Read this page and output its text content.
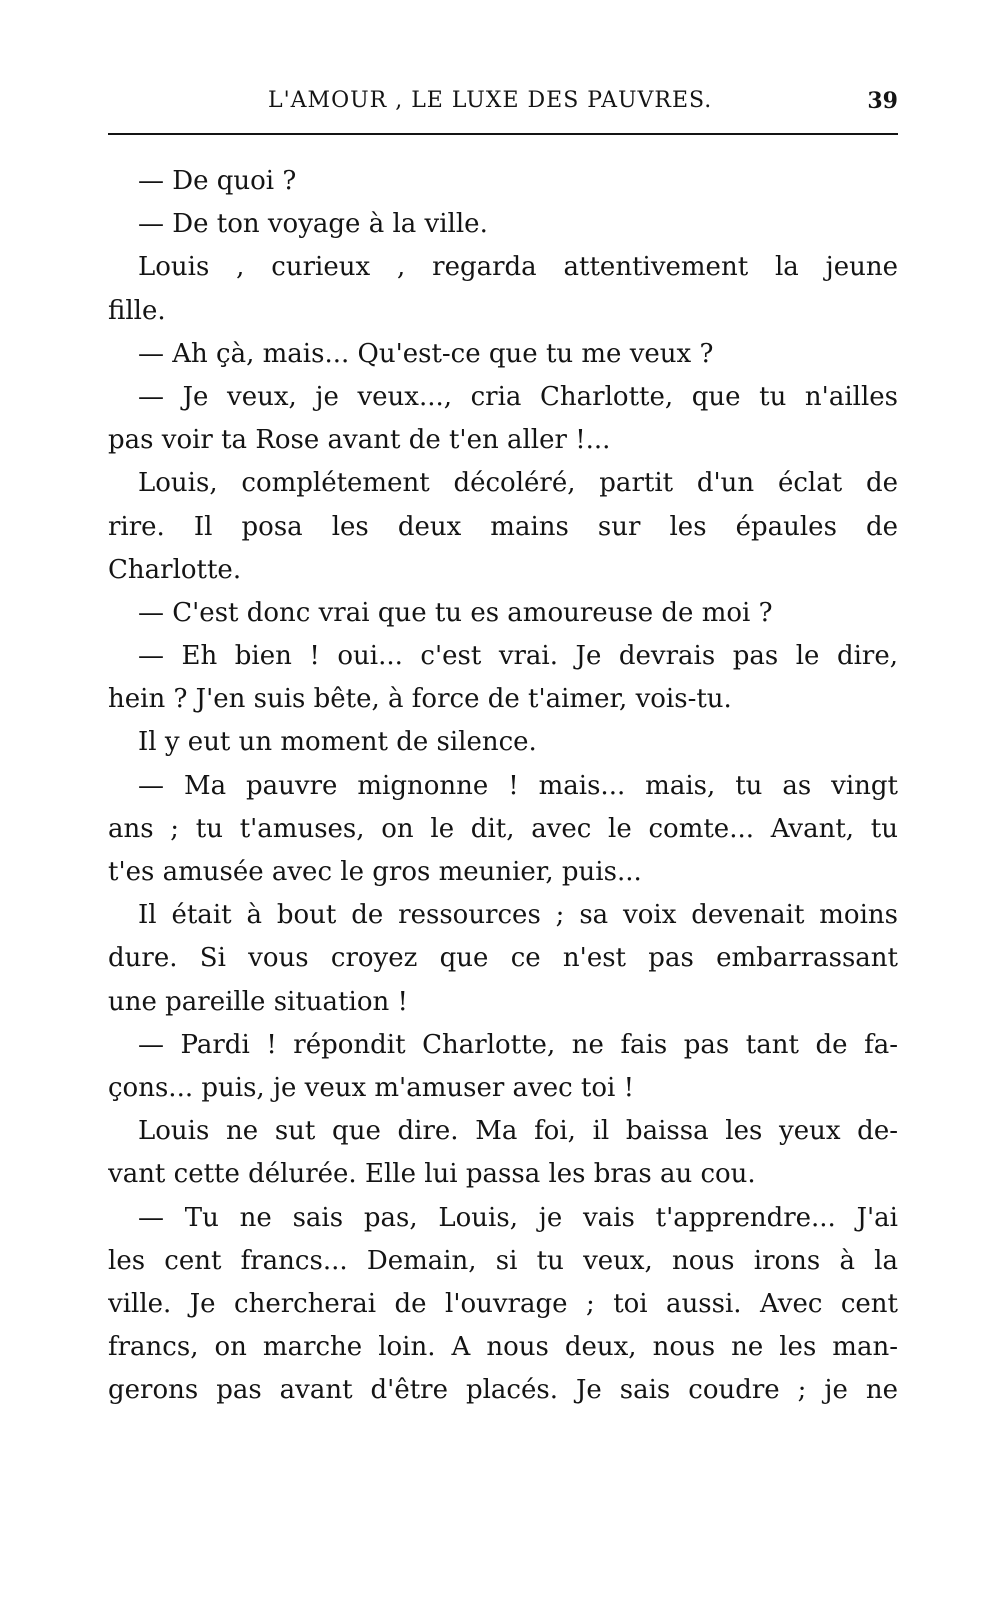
L'AMOUR , LE LUXE DES PAUVRES.	39
— De quoi ?
— De ton voyage à la ville.
Louis , curieux , regarda attentivement la jeune
fille.
— Ah çà, mais... Qu'est-ce que tu me veux ?
— Je veux, je veux..., cria Charlotte, que tu n'ailles
pas voir ta Rose avant de t'en aller !...
Louis, complétement décoléré, partit d'un éclat de
rire. Il posa les deux mains sur les épaules de
Charlotte.
— C'est donc vrai que tu es amoureuse de moi ?
— Eh bien ! oui... c'est vrai. Je devrais pas le dire,
hein ? J'en suis bête, à force de t'aimer, vois-tu.
Il y eut un moment de silence.
— Ma pauvre mignonne ! mais... mais, tu as vingt
ans ; tu t'amuses, on le dit, avec le comte... Avant, tu
t'es amusée avec le gros meunier, puis...
Il était à bout de ressources ; sa voix devenait moins
dure. Si vous croyez que ce n'est pas embarrassant
une pareille situation !
— Pardi ! répondit Charlotte, ne fais pas tant de fa-
çons... puis, je veux m'amuser avec toi !
Louis ne sut que dire. Ma foi, il baissa les yeux de-
vant cette délurée. Elle lui passa les bras au cou.
— Tu ne sais pas, Louis, je vais t'apprendre... J'ai
les cent francs... Demain, si tu veux, nous irons à la
ville. Je chercherai de l'ouvrage ; toi aussi. Avec cent
francs, on marche loin. A nous deux, nous ne les man-
gerons pas avant d'être placés. Je sais coudre ; je ne
